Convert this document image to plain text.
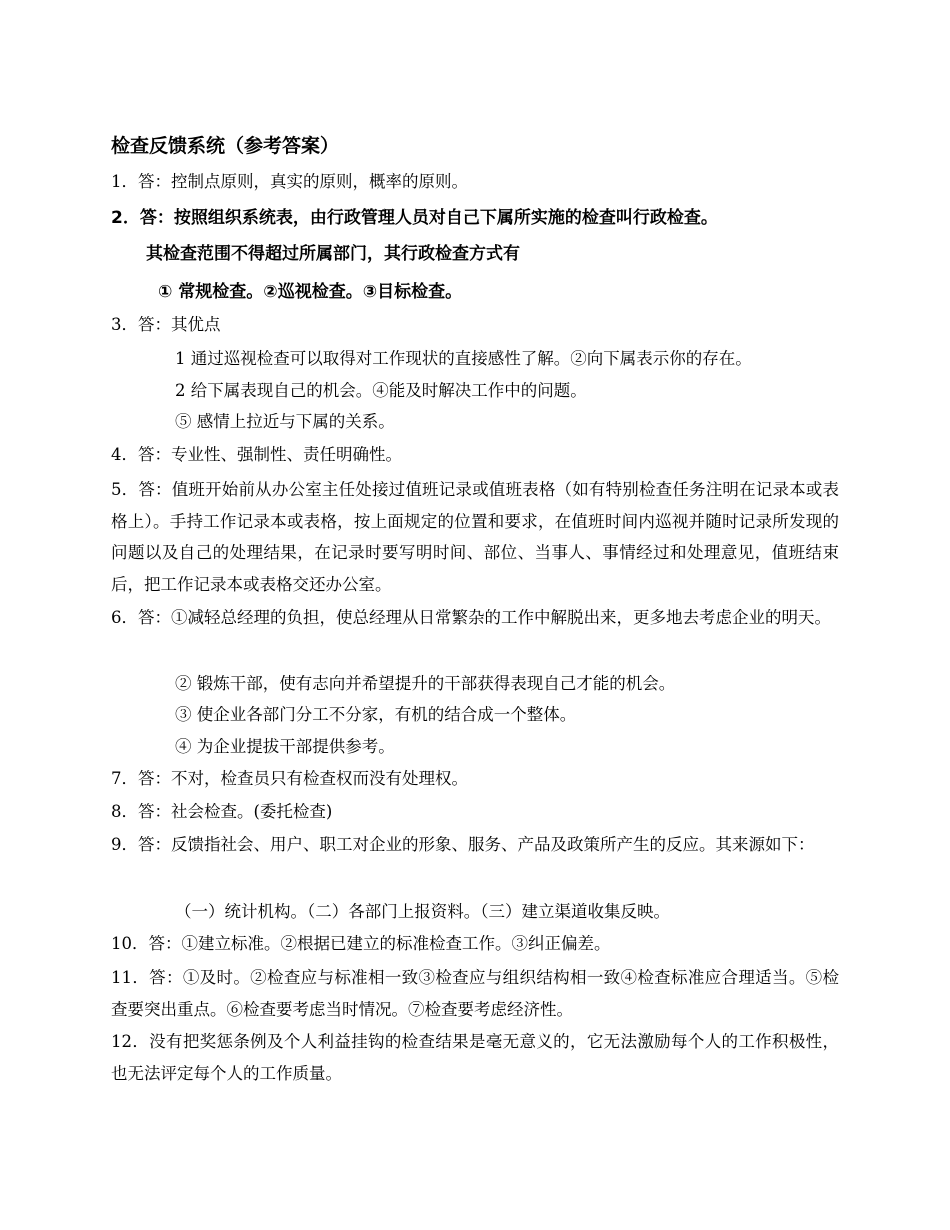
检查反馈系统（参考答案）
1．答：控制点原则，真实的原则，概率的原则。
2．答：按照组织系统表，由行政管理人员对自己下属所实施的检查叫行政检查。
其检查范围不得超过所属部门，其行政检查方式有
① 常规检查。②巡视检查。③目标检查。
3．答：其优点
1 通过巡视检查可以取得对工作现状的直接感性了解。②向下属表示你的存在。
2 给下属表现自己的机会。④能及时解决工作中的问题。
⑤ 感情上拉近与下属的关系。
4．答：专业性、强制性、责任明确性。
5．答：值班开始前从办公室主任处接过值班记录或值班表格（如有特别检查任务注明在记录本或表格上）。手持工作记录本或表格，按上面规定的位置和要求，在值班时间内巡视并随时记录所发现的问题以及自己的处理结果，在记录时要写明时间、部位、当事人、事情经过和处理意见，值班结束后，把工作记录本或表格交还办公室。
6．答：①减轻总经理的负担，使总经理从日常繁杂的工作中解脱出来，更多地去考虑企业的明天。
② 锻炼干部，使有志向并希望提升的干部获得表现自己才能的机会。
③ 使企业各部门分工不分家，有机的结合成一个整体。
④ 为企业提拔干部提供参考。
7．答：不对，检查员只有检查权而没有处理权。
8．答：社会检查。(委托检查)
9．答：反馈指社会、用户、职工对企业的形象、服务、产品及政策所产生的反应。其来源如下：
（一）统计机构。（二）各部门上报资料。（三）建立渠道收集反映。
10．答：①建立标准。②根据已建立的标准检查工作。③纠正偏差。
11．答：①及时。②检查应与标准相一致③检查应与组织结构相一致④检查标准应合理适当。⑤检查要突出重点。⑥检查要考虑当时情况。⑦检查要考虑经济性。
12．没有把奖惩条例及个人利益挂钩的检查结果是毫无意义的，它无法激励每个人的工作积极性，也无法评定每个人的工作质量。
